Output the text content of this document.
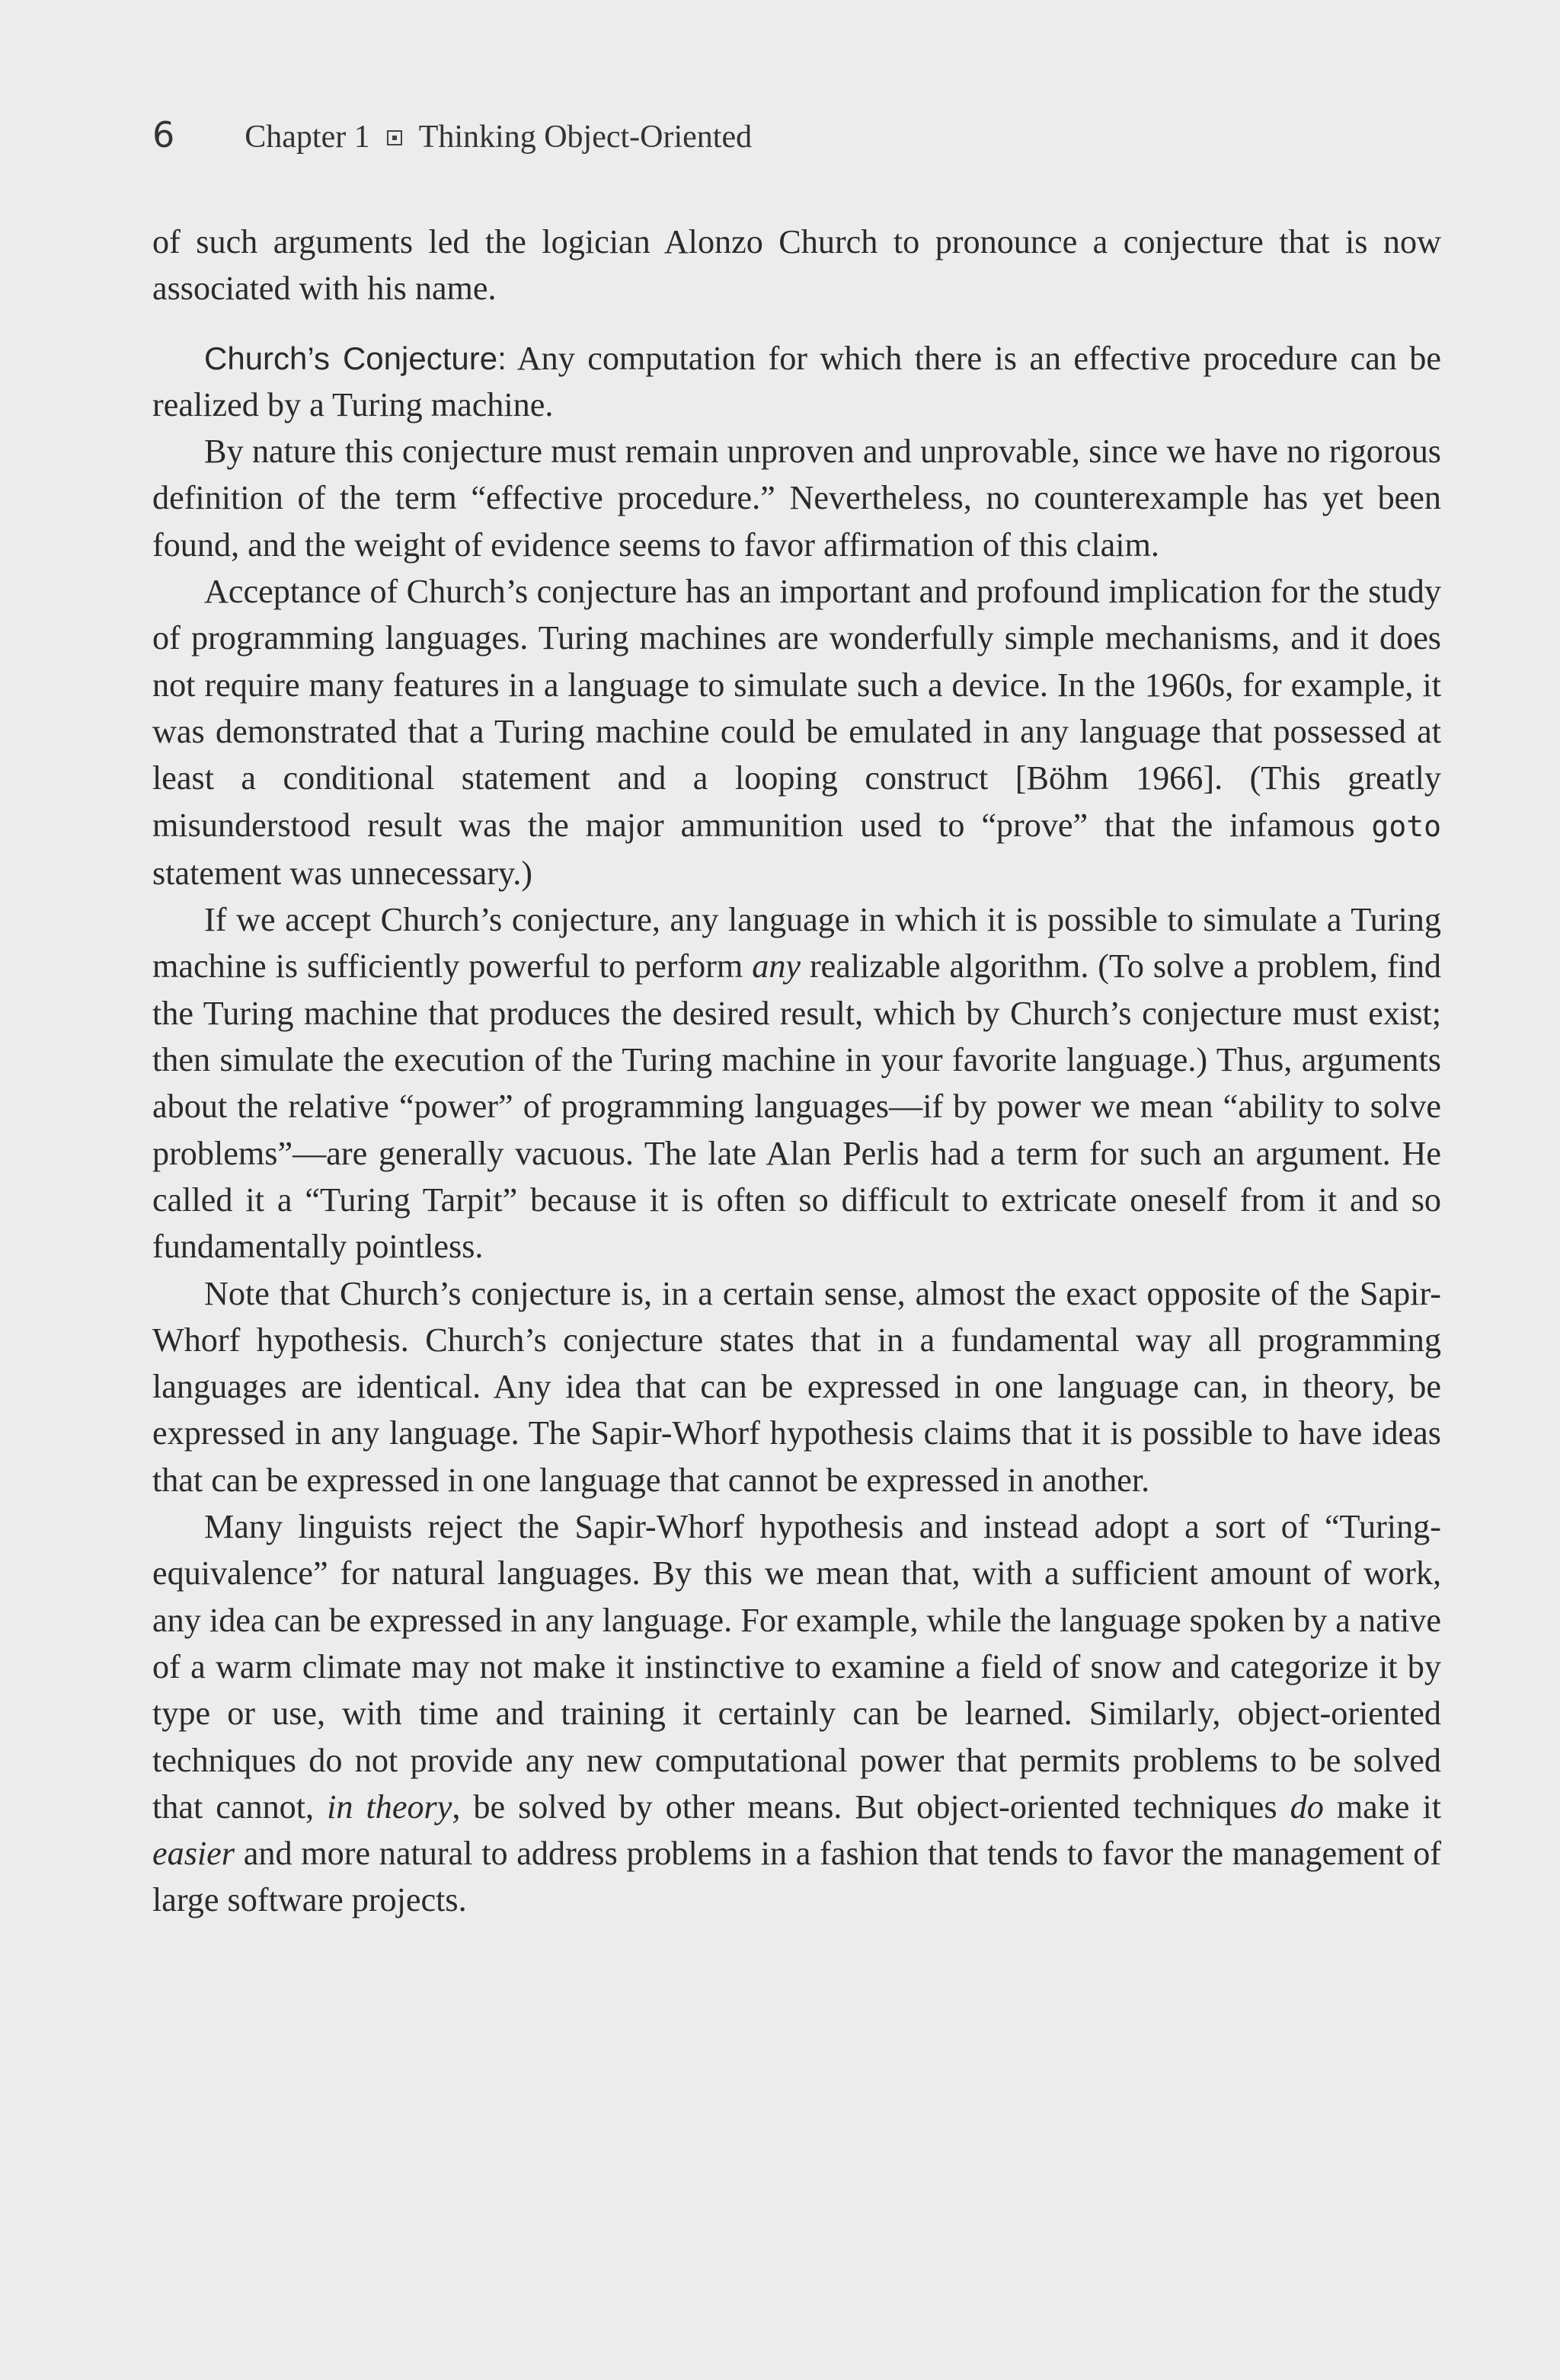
6 Chapter 1 Thinking Object-Oriented

of such arguments led the logician Alonzo Church to pronounce a conjecture that is now associated with his name.

Church’s Conjecture: Any computation for which there is an effective procedure can be realized by a Turing machine.

By nature this conjecture must remain unproven and unprovable, since we have no rigorous definition of the term “effective procedure.” Nevertheless, no counterexample has yet been found, and the weight of evidence seems to favor affirmation of this claim.

Acceptance of Church’s conjecture has an important and profound implication for the study of programming languages. Turing machines are wonderfully simple mechanisms, and it does not require many features in a language to simulate such a device. In the 1960s, for example, it was demonstrated that a Turing machine could be emulated in any language that possessed at least a conditional statement and a looping construct [Böhm 1966]. (This greatly misunderstood result was the major ammunition used to “prove” that the infamous goto statement was unnecessary.)

If we accept Church’s conjecture, any language in which it is possible to simulate a Turing machine is sufficiently powerful to perform any realizable algorithm. (To solve a problem, find the Turing machine that produces the desired result, which by Church’s conjecture must exist; then simulate the execution of the Turing machine in your favorite language.) Thus, arguments about the relative “power” of programming languages—if by power we mean “ability to solve problems”—are generally vacuous. The late Alan Perlis had a term for such an argument. He called it a “Turing Tarpit” because it is often so difficult to extricate oneself from it and so fundamentally pointless.

Note that Church’s conjecture is, in a certain sense, almost the exact opposite of the Sapir-Whorf hypothesis. Church’s conjecture states that in a fundamental way all programming languages are identical. Any idea that can be expressed in one language can, in theory, be expressed in any language. The Sapir-Whorf hypothesis claims that it is possible to have ideas that can be expressed in one language that cannot be expressed in another.

Many linguists reject the Sapir-Whorf hypothesis and instead adopt a sort of “Turing-equivalence” for natural languages. By this we mean that, with a sufficient amount of work, any idea can be expressed in any language. For example, while the language spoken by a native of a warm climate may not make it instinctive to examine a field of snow and categorize it by type or use, with time and training it certainly can be learned. Similarly, object-oriented techniques do not provide any new computational power that permits problems to be solved that cannot, in theory, be solved by other means. But object-oriented techniques do make it easier and more natural to address problems in a fashion that tends to favor the management of large software projects.
